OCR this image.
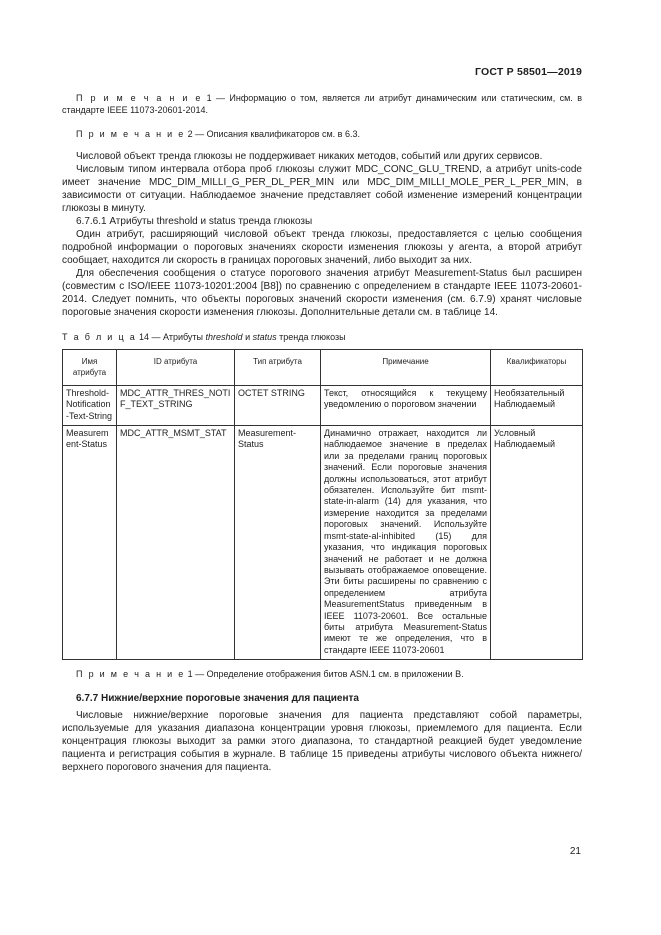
ГОСТ Р 58501—2019

П р и м е ч а н и е 1 — Информацию о том, является ли атрибут динамическим или статическим, см. в стандарте IEEE 11073-20601-2014.

П р и м е ч а н и е 2 — Описания квалификаторов см. в 6.3.

Числовой объект тренда глюкозы не поддерживает никаких методов, событий или других сервисов.

Числовым типом интервала отбора проб глюкозы служит MDC_CONC_GLU_TREND, а атрибут units-code имеет значение MDC_DIM_MILLI_G_PER_DL_PER_MIN или MDC_DIM_MILLI_MOLE_PER_L_PER_MIN, в зависимости от ситуации. Наблюдаемое значение представляет собой изменение измерений концентрации глюкозы в минуту.

6.7.6.1 Атрибуты threshold и status тренда глюкозы

Один атрибут, расширяющий числовой объект тренда глюкозы, предоставляется с целью сообщения подробной информации о пороговых значениях скорости изменения глюкозы у агента, а второй атрибут сообщает, находится ли скорость в границах пороговых значений, либо выходит за них.

Для обеспечения сообщения о статусе порогового значения атрибут Measurement-Status был расширен (совместим с ISO/IEEE 11073-10201:2004 [B8]) по сравнению с определением в стандарте IEEE 11073-20601-2014. Следует помнить, что объекты пороговых значений скорости изменения (см. 6.7.9) хранят числовые пороговые значения скорости изменения глюкозы. Дополнительные детали см. в таблице 14.

Т а б л и ц а 14 — Атрибуты threshold и status тренда глюкозы

Имя атрибута	ID атрибута	Тип атрибута	Примечание	Квалификаторы
Threshold-Notification-Text-String	MDC_ATTR_THRES_NOTIF_TEXT_STRING	OCTET STRING	Текст, относящийся к текущему уведомлению о пороговом значении	Необязательный Наблюдаемый
Measurement-Status	MDC_ATTR_MSMT_STAT	Measurement-Status	Динамично отражает, находится ли наблюдаемое значение в пределах или за пределами границ пороговых значений. Если пороговые значения должны использоваться, этот атрибут обязателен. Используйте бит msmt-state-in-alarm (14) для указания, что измерение находится за пределами пороговых значений. Используйте msmt-state-al-inhibited (15) для указания, что индикация пороговых значений не работает и не должна вызывать отображаемое оповещение. Эти биты расширены по сравнению с определением атрибута MeasurementStatus приведенным в IEEE 11073-20601. Все остальные биты атрибута Measurement-Status имеют те же определения, что в стандарте IEEE 11073-20601	Условный Наблюдаемый

П р и м е ч а н и е 1 — Определение отображения битов ASN.1 см. в приложении В.

6.7.7 Нижние/верхние пороговые значения для пациента

Числовые нижние/верхние пороговые значения для пациента представляют собой параметры, используемые для указания диапазона концентрации уровня глюкозы, приемлемого для пациента. Если концентрация глюкозы выходит за рамки этого диапазона, то стандартной реакцией будет уведомление пациента и регистрация события в журнале. В таблице 15 приведены атрибуты числового объекта нижнего/верхнего порогового значения для пациента.

21
